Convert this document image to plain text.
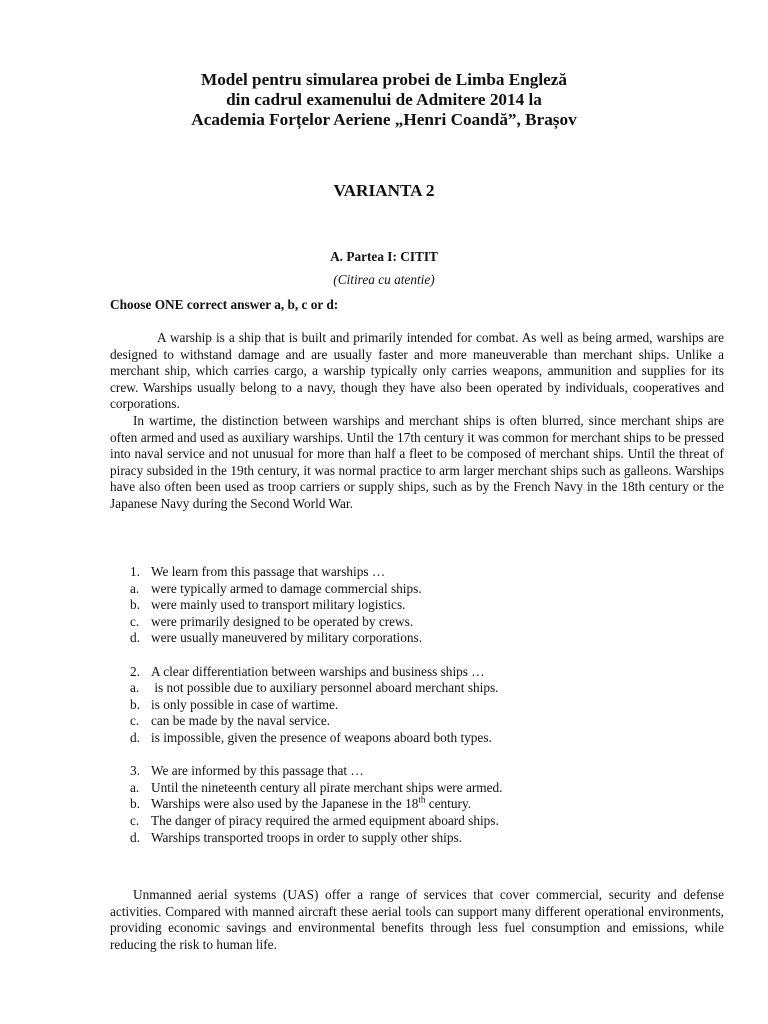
Model pentru simularea probei de Limba Engleză
din cadrul examenului de Admitere 2014 la
Academia Forțelor Aeriene „Henri Coandă”, Brașov
VARIANTA 2
A. Partea I: CITIT
(Citirea cu atentie)
Choose ONE correct answer a, b, c or d:

A warship is a ship that is built and primarily intended for combat. As well as being armed, warships are designed to withstand damage and are usually faster and more maneuverable than merchant ships. Unlike a merchant ship, which carries cargo, a warship typically only carries weapons, ammunition and supplies for its crew. Warships usually belong to a navy, though they have also been operated by individuals, cooperatives and corporations.

In wartime, the distinction between warships and merchant ships is often blurred, since merchant ships are often armed and used as auxiliary warships. Until the 17th century it was common for merchant ships to be pressed into naval service and not unusual for more than half a fleet to be composed of merchant ships. Until the threat of piracy subsided in the 19th century, it was normal practice to arm larger merchant ships such as galleons. Warships have also often been used as troop carriers or supply ships, such as by the French Navy in the 18th century or the Japanese Navy during the Second World War.

1. We learn from this passage that warships …
a. were typically armed to damage commercial ships.
b. were mainly used to transport military logistics.
c. were primarily designed to be operated by crews.
d. were usually maneuvered by military corporations.
2. A clear differentiation between warships and business ships …
a. is not possible due to auxiliary personnel aboard merchant ships.
b. is only possible in case of wartime.
c. can be made by the naval service.
d. is impossible, given the presence of weapons aboard both types.
3. We are informed by this passage that …
a. Until the nineteenth century all pirate merchant ships were armed.
b. Warships were also used by the Japanese in the 18th century.
c. The danger of piracy required the armed equipment aboard ships.
d. Warships transported troops in order to supply other ships.

Unmanned aerial systems (UAS) offer a range of services that cover commercial, security and defense activities. Compared with manned aircraft these aerial tools can support many different operational environments, providing economic savings and environmental benefits through less fuel consumption and emissions, while reducing the risk to human life.
